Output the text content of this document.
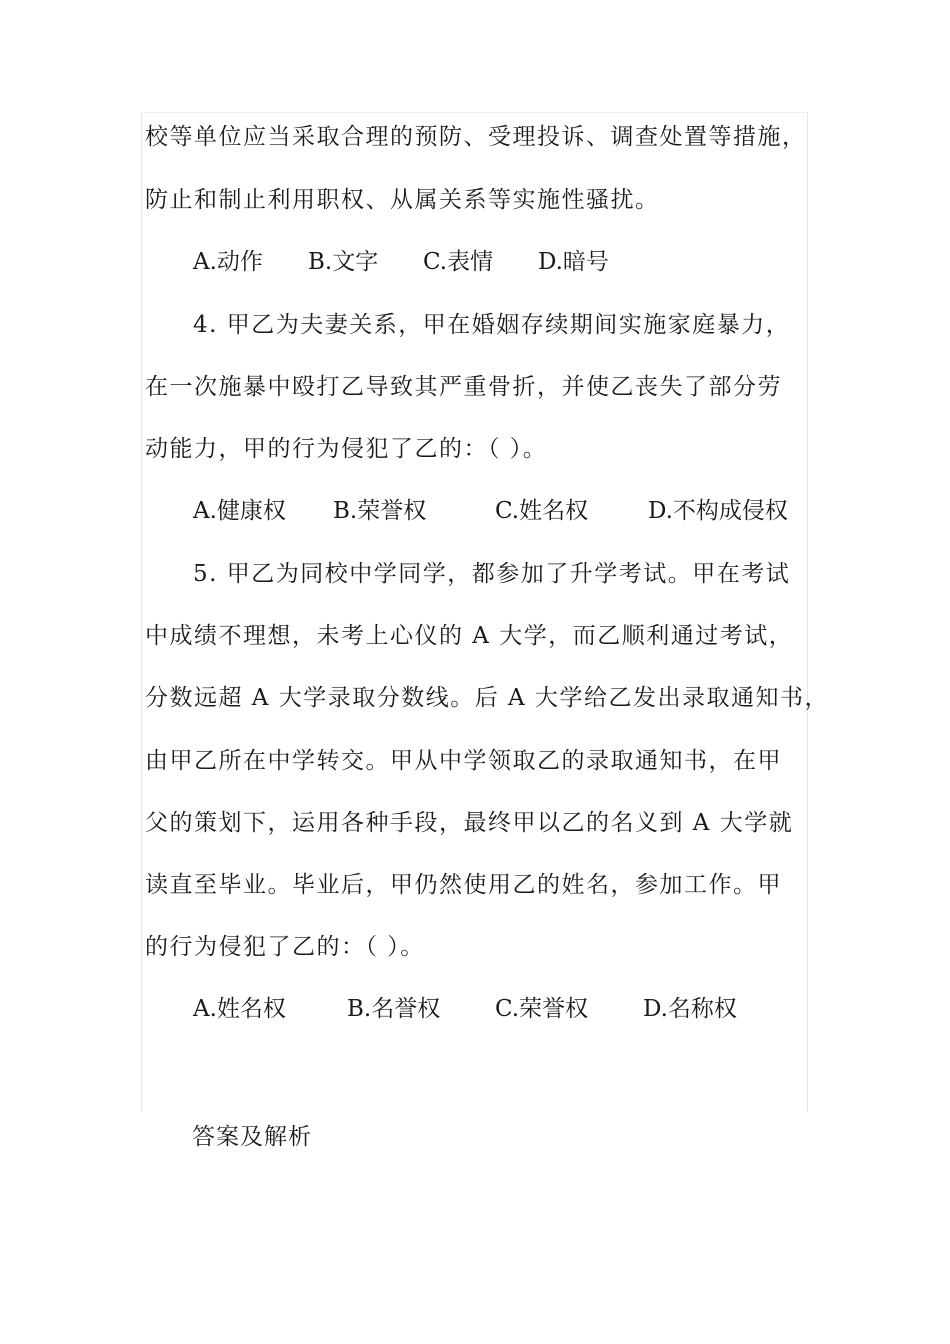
校等单位应当采取合理的预防、受理投诉、调查处置等措施，
防止和制止利用职权、从属关系等实施性骚扰。
A.动作 B.文字 C.表情 D.暗号
4. 甲乙为夫妻关系，甲在婚姻存续期间实施家庭暴力，
在一次施暴中殴打乙导致其严重骨折，并使乙丧失了部分劳
动能力，甲的行为侵犯了乙的：（ ）。
A.健康权 B.荣誉权	C.姓名权	D.不构成侵权
5. 甲乙为同校中学同学，都参加了升学考试。甲在考试
中成绩不理想，未考上心仪的 A 大学，而乙顺利通过考试，
分数远超 A 大学录取分数线。后 A 大学给乙发出录取通知书，
由甲乙所在中学转交。甲从中学领取乙的录取通知书，在甲
父的策划下，运用各种手段，最终甲以乙的名义到 A 大学就
读直至毕业。毕业后，甲仍然使用乙的姓名，参加工作。甲
的行为侵犯了乙的：（ ）。
A.姓名权	B.名誉权 C.荣誉权 D.名称权
答案及解析
